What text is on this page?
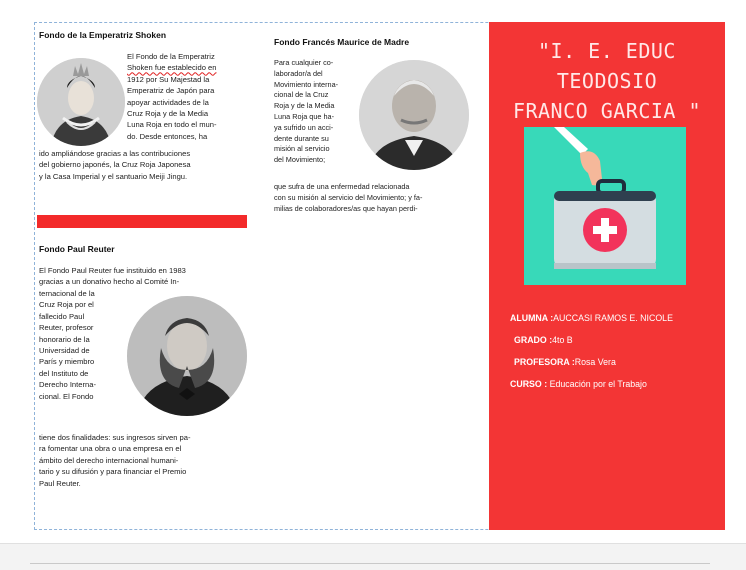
Fondo de la Emperatriz Shoken
El Fondo de la Emperatriz
Shoken fue establecido en
1912 por Su Majestad la
Emperatriz de Japón para
apoyar actividades de la
Cruz Roja y de la Media
Luna Roja en todo el mun-
do. Desde entonces, ha
ido ampliándose gracias a las contribuciones
del gobierno japonés, la Cruz Roja Japonesa
y la Casa Imperial y el santuario Meiji Jingu.
Fondo Paul Reuter
El Fondo Paul Reuter fue instituido en 1983
gracias a un donativo hecho al Comité In-
ternacional de la
Cruz Roja por el
fallecido Paul
Reuter, profesor
honorario de la
Universidad de
París y miembro
del Instituto de
Derecho Interna-
cional. El Fondo
tiene dos finalidades: sus ingresos sirven pa-
ra fomentar una obra o una empresa en el
ámbito del derecho internacional humani-
tario y su difusión y para financiar el Premio
Paul Reuter.
Fondo Francés Maurice de Madre
Para cualquier co-
laborador/a del
Movimiento interna-
cional de la Cruz
Roja y de la Media
Luna Roja que ha-
ya sufrido un acci-
dente durante su
misión al servicio
del Movimiento;
que sufra de una enfermedad relacionada
con su misión al servicio del Movimiento; y fa-
milias de colaboradores/as que hayan perdi-
"I. E. EDUC TEODOSIO
FRANCO GARCIA "
ALUMNA :AUCCASI RAMOS E. NICOLE
GRADO :4to B
PROFESORA :Rosa Vera
CURSO : Educación por el Trabajo
